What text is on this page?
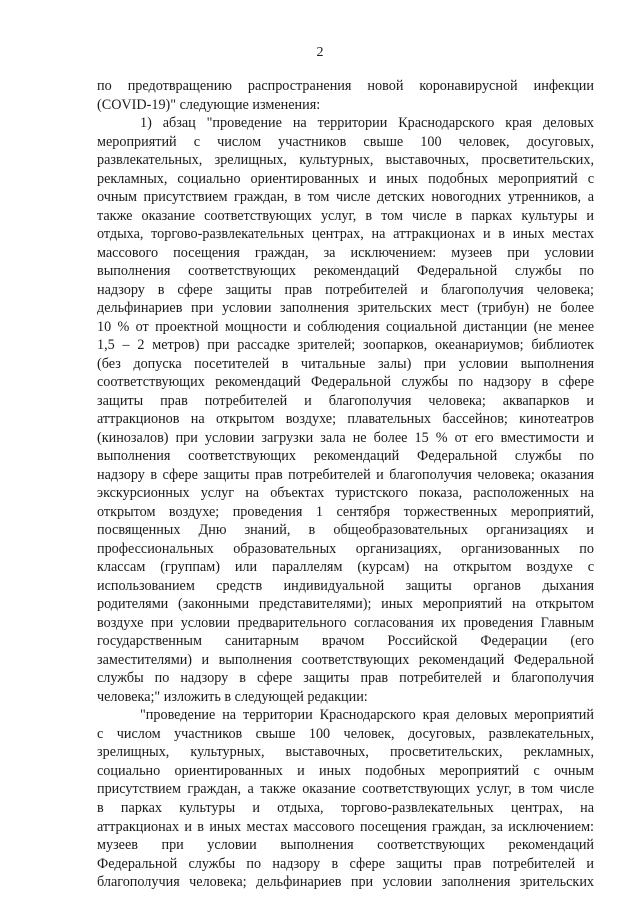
2
по предотвращению распространения новой коронавирусной инфекции
(COVID-19)" следующие изменения:
1) абзац "проведение на территории Краснодарского края деловых
мероприятий с числом участников свыше 100 человек, досуговых,
развлекательных, зрелищных, культурных, выставочных, просветительских,
рекламных, социально ориентированных и иных подобных мероприятий с
очным присутствием граждан, в том числе детских новогодних утренников, а
также оказание соответствующих услуг, в том числе в парках культуры и
отдыха, торгово-развлекательных центрах, на аттракционах и в иных местах
массового посещения граждан, за исключением: музеев при условии
выполнения соответствующих рекомендаций Федеральной службы по
надзору в сфере защиты прав потребителей и благополучия человека;
дельфинариев при условии заполнения зрительских мест (трибун) не более
10 % от проектной мощности и соблюдения социальной дистанции (не менее
1,5 – 2 метров) при рассадке зрителей; зоопарков, океанариумов; библиотек
(без допуска посетителей в читальные залы) при условии выполнения
соответствующих рекомендаций Федеральной службы по надзору в сфере
защиты прав потребителей и благополучия человека; аквапарков и
аттракционов на открытом воздухе; плавательных бассейнов; кинотеатров
(кинозалов) при условии загрузки зала не более 15 % от его вместимости и
выполнения соответствующих рекомендаций Федеральной службы по
надзору в сфере защиты прав потребителей и благополучия человека; оказания
экскурсионных услуг на объектах туристского показа, расположенных на
открытом воздухе; проведения 1 сентября торжественных мероприятий,
посвященных Дню знаний, в общеобразовательных организациях и
профессиональных образовательных организациях, организованных по
классам (группам) или параллелям (курсам) на открытом воздухе с
использованием средств индивидуальной защиты органов дыхания
родителями (законными представителями); иных мероприятий на открытом
воздухе при условии предварительного согласования их проведения Главным
государственным санитарным врачом Российской Федерации (его
заместителями) и выполнения соответствующих рекомендаций Федеральной
службы по надзору в сфере защиты прав потребителей и благополучия
человека;" изложить в следующей редакции:
"проведение на территории Краснодарского края деловых мероприятий
с числом участников свыше 100 человек, досуговых, развлекательных,
зрелищных, культурных, выставочных, просветительских, рекламных,
социально ориентированных и иных подобных мероприятий с очным
присутствием граждан, а также оказание соответствующих услуг, в том числе
в парках культуры и отдыха, торгово-развлекательных центрах, на
аттракционах и в иных местах массового посещения граждан, за исключением:
музеев при условии выполнения соответствующих рекомендаций
Федеральной службы по надзору в сфере защиты прав потребителей и
благополучия человека; дельфинариев при условии заполнения зрительских
